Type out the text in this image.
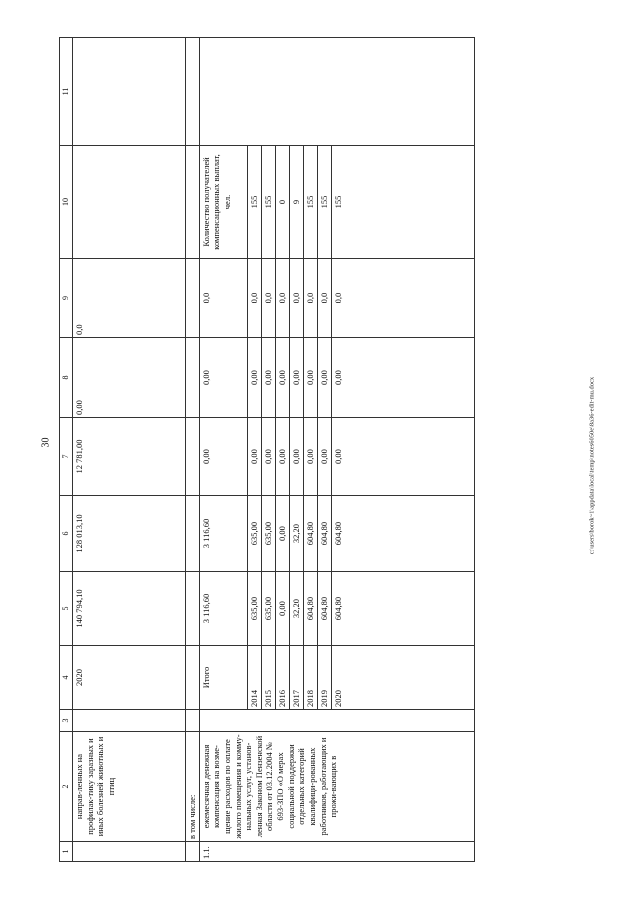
30	c:\users\borok~1\appdata\local\temp\notes6050e\8a36-edit-mu.docx
1	2	3	4	5	6	7	8	9	10	11
	направ-ленных на профилак-тику заразных и иных болезней животных и птиц		2020	140 794,10	128 013,10	12 781,00	0,00	0,0		
	в том числе:									
1.1.	ежемесячная денежная компенсация на возме-щение расходов по оплате жилого помещения и комму-нальных услуг, установ-ленная Законом Пензенской области от 03.12.2004 № 693-ЗПО «О мерах социальной поддержки отдельных категорий квалифици-рованных работников, работающих и прожи-вающих в		Итого	3 116,60	3 116,60	0,00	0,00	0,0	Количество получателей компенсационных выплат, чел.	
			2014	635,00	635,00	0,00	0,00	0,0	155	
			2015	635,00	635,00	0,00	0,00	0,0	155	
			2016	0,00	0,00	0,00	0,00	0,0	0	
			2017	32,20	32,20	0,00	0,00	0,0	9	
			2018	604,80	604,80	0,00	0,00	0,0	155	
			2019	604,80	604,80	0,00	0,00	0,0	155	
			2020	604,80	604,80	0,00	0,00	0,0	155	
